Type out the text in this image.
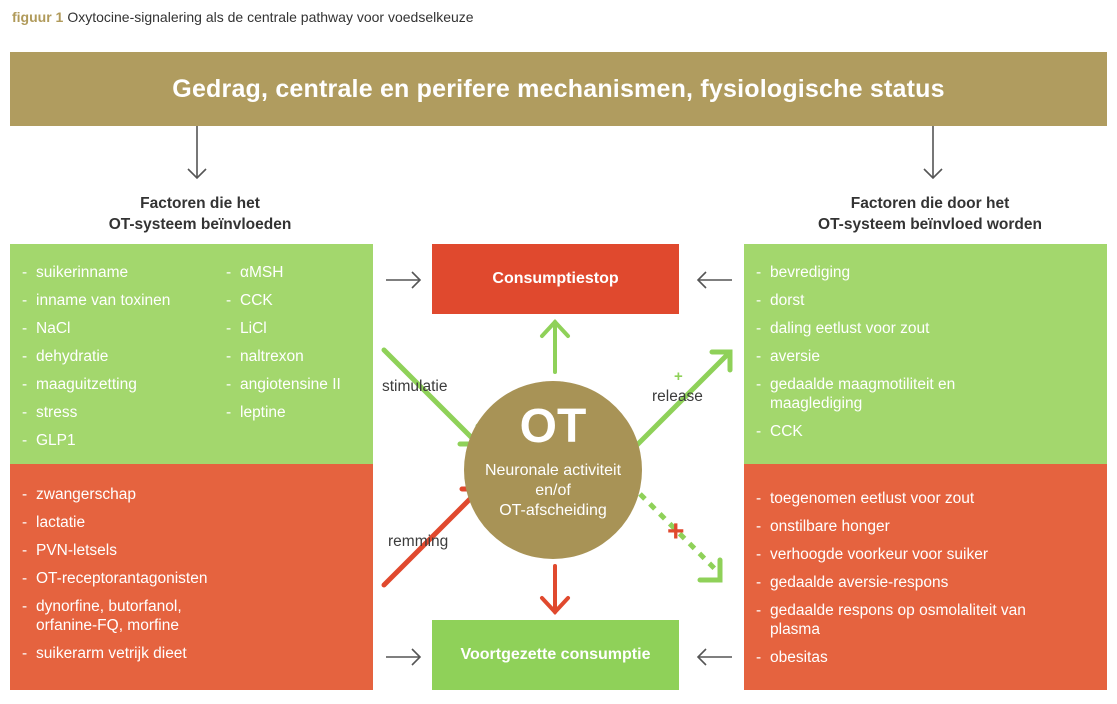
figuur 1 Oxytocine-signalering als de centrale pathway voor voedselkeuze
Gedrag, centrale en perifere mechanismen, fysiologische status
Factoren die het
OT-systeem beïnvloeden
Factoren die door het
OT-systeem beïnvloed worden
- suikerinname
- inname van toxinen
- NaCl
- dehydratie
- maaguitzetting
- stress
- GLP1
- αMSH
- CCK
- LiCl
- naltrexon
- angiotensine II
- leptine
- zwangerschap
- lactatie
- PVN-letsels
- OT-receptorantagonisten
- dynorfine, butorfanol, orfanine-FQ, morfine
- suikerarm vetrijk dieet
- bevrediging
- dorst
- daling eetlust voor zout
- aversie
- gedaalde maagmotiliteit en maaglediging
- CCK
- toegenomen eetlust voor zout
- onstilbare honger
- verhoogde voorkeur voor suiker
- gedaalde aversie-respons
- gedaalde respons op osmolaliteit van plasma
- obesitas
Consumptiestop
Voortgezette consumptie
OT
Neuronale activiteit
en/of
OT-afscheiding
stimulatie
remming
release
+
+
